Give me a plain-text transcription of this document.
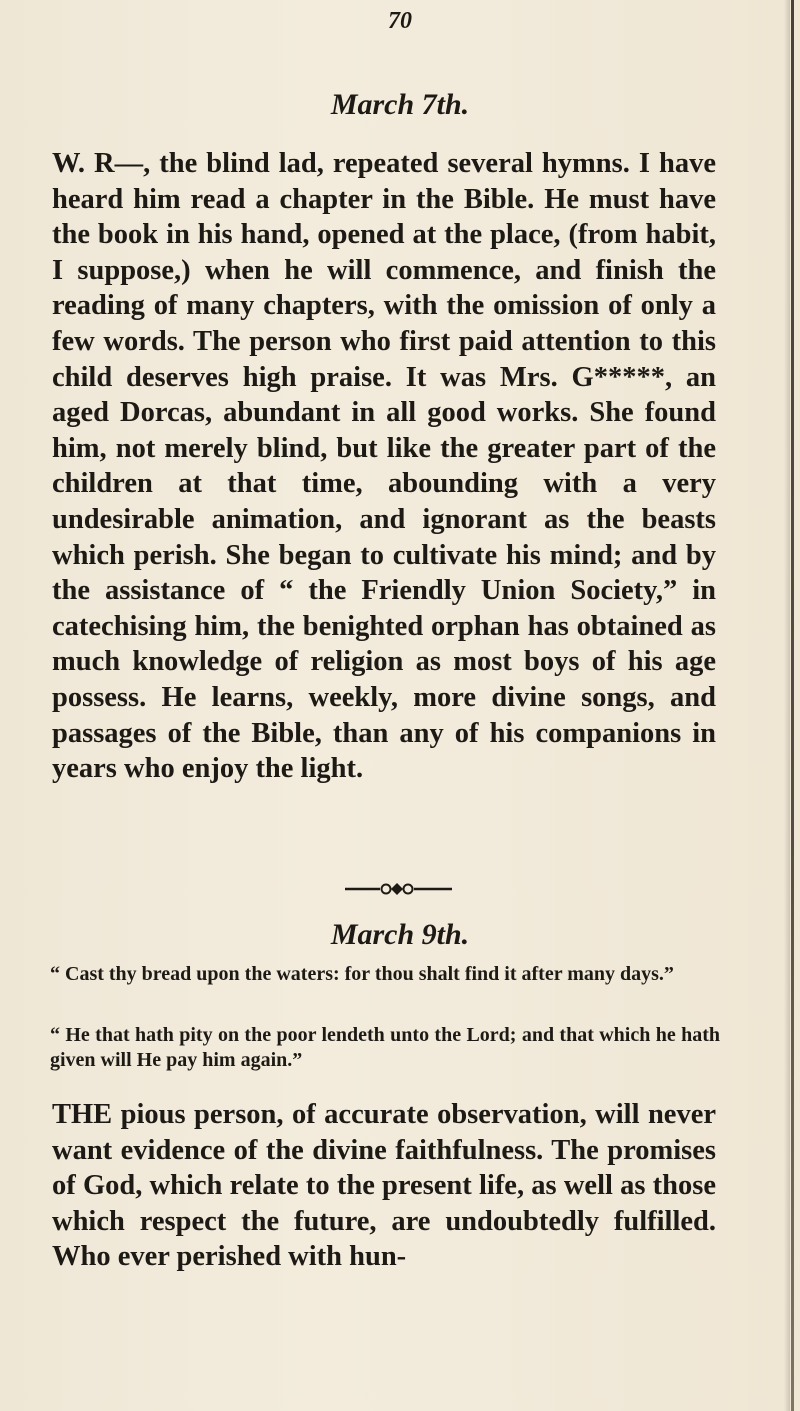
70
March 7th.
W. R—, the blind lad, repeated several hymns. I have heard him read a chapter in the Bible. He must have the book in his hand, opened at the place, (from habit, I suppose,) when he will commence, and finish the reading of many chapters, with the omission of only a few words. The person who first paid attention to this child deserves high praise. It was Mrs. G*****, an aged Dorcas, abundant in all good works. She found him, not merely blind, but like the greater part of the children at that time, abounding with a very undesirable animation, and ignorant as the beasts which perish. She began to cultivate his mind; and by the assistance of “ the Friendly Union Society,” in catechising him, the benighted orphan has obtained as much knowledge of religion as most boys of his age possess. He learns, weekly, more divine songs, and passages of the Bible, than any of his companions in years who enjoy the light.
March 9th.
“ Cast thy bread upon the waters: for thou shalt find it after many days.”
“ He that hath pity on the poor lendeth unto the Lord; and that which he hath given will He pay him again.”
THE pious person, of accurate observation, will never want evidence of the divine faithfulness. The promises of God, which relate to the present life, as well as those which respect the future, are undoubtedly fulfilled. Who ever perished with hun-
